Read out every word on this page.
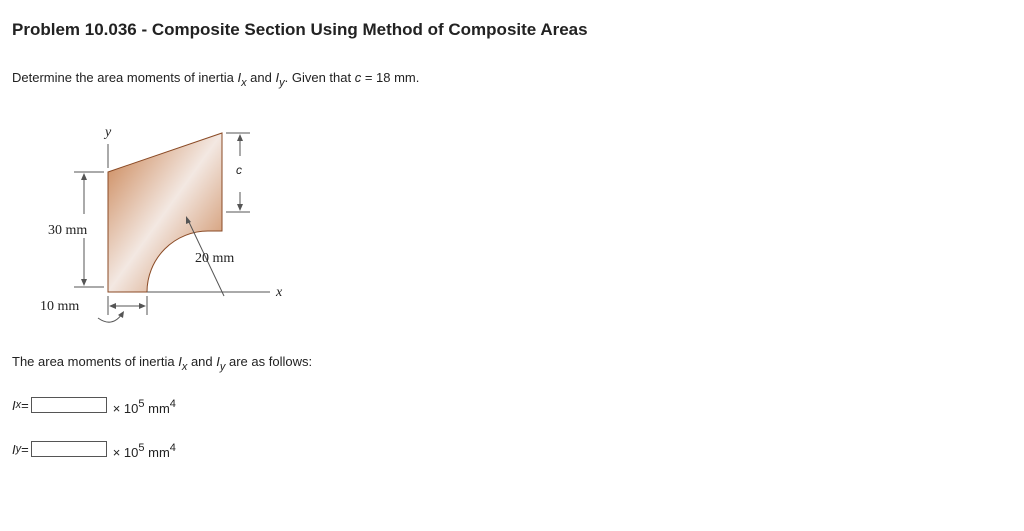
Problem 10.036 - Composite Section Using Method of Composite Areas
Determine the area moments of inertia $I_x$ and $I_y$. Given that c = 18 mm.
y
x
c
30 mm
20 mm
10 mm
The area moments of inertia $I_x$ and $I_y$ are as follows:
I x =	× $10^5$ $mm^4$
I y =	× $10^5$ $mm^4$
